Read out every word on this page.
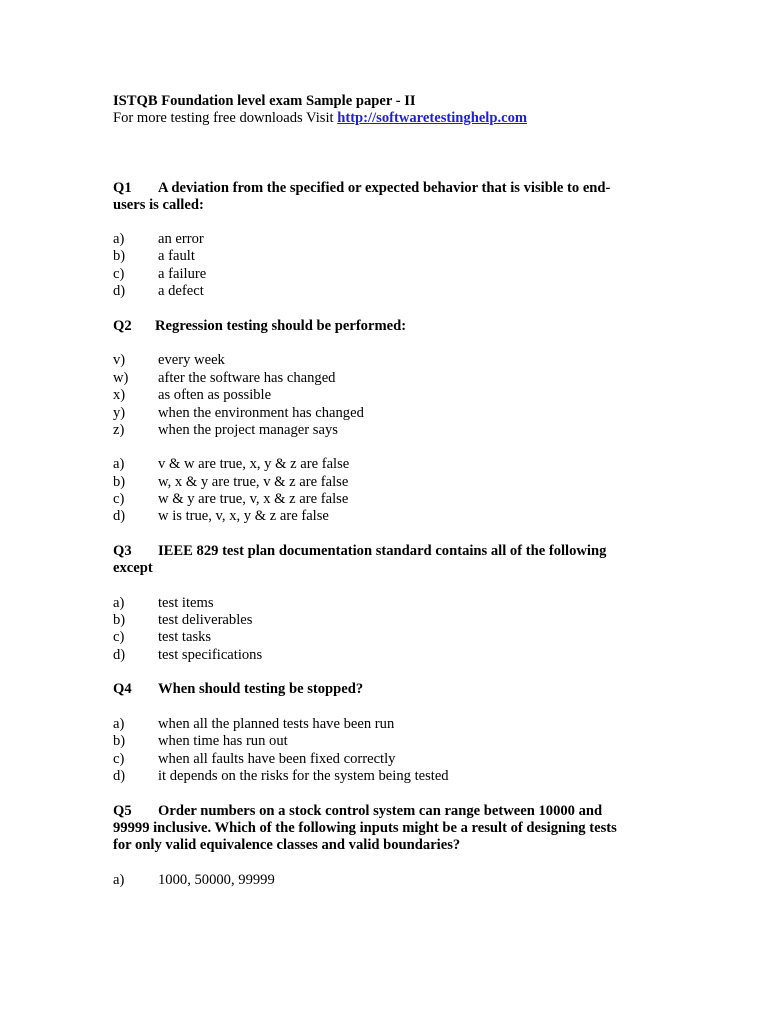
ISTQB Foundation level exam Sample paper - II
For more testing free downloads Visit http://softwaretestinghelp.com
Q1 A deviation from the specified or expected behavior that is visible to end-
users is called:
a) an error
b) a fault
c) a failure
d) a defect
Q2 Regression testing should be performed:
v) every week
w) after the software has changed
x) as often as possible
y) when the environment has changed
z) when the project manager says
a) v & w are true, x, y & z are false
b) w, x & y are true, v & z are false
c) w & y are true, v, x & z are false
d) w is true, v, x, y & z are false
Q3 IEEE 829 test plan documentation standard contains all of the following
except
a) test items
b) test deliverables
c) test tasks
d) test specifications
Q4 When should testing be stopped?
a) when all the planned tests have been run
b) when time has run out
c) when all faults have been fixed correctly
d) it depends on the risks for the system being tested
Q5 Order numbers on a stock control system can range between 10000 and
99999 inclusive. Which of the following inputs might be a result of designing tests
for only valid equivalence classes and valid boundaries?
a) 1000, 50000, 99999
